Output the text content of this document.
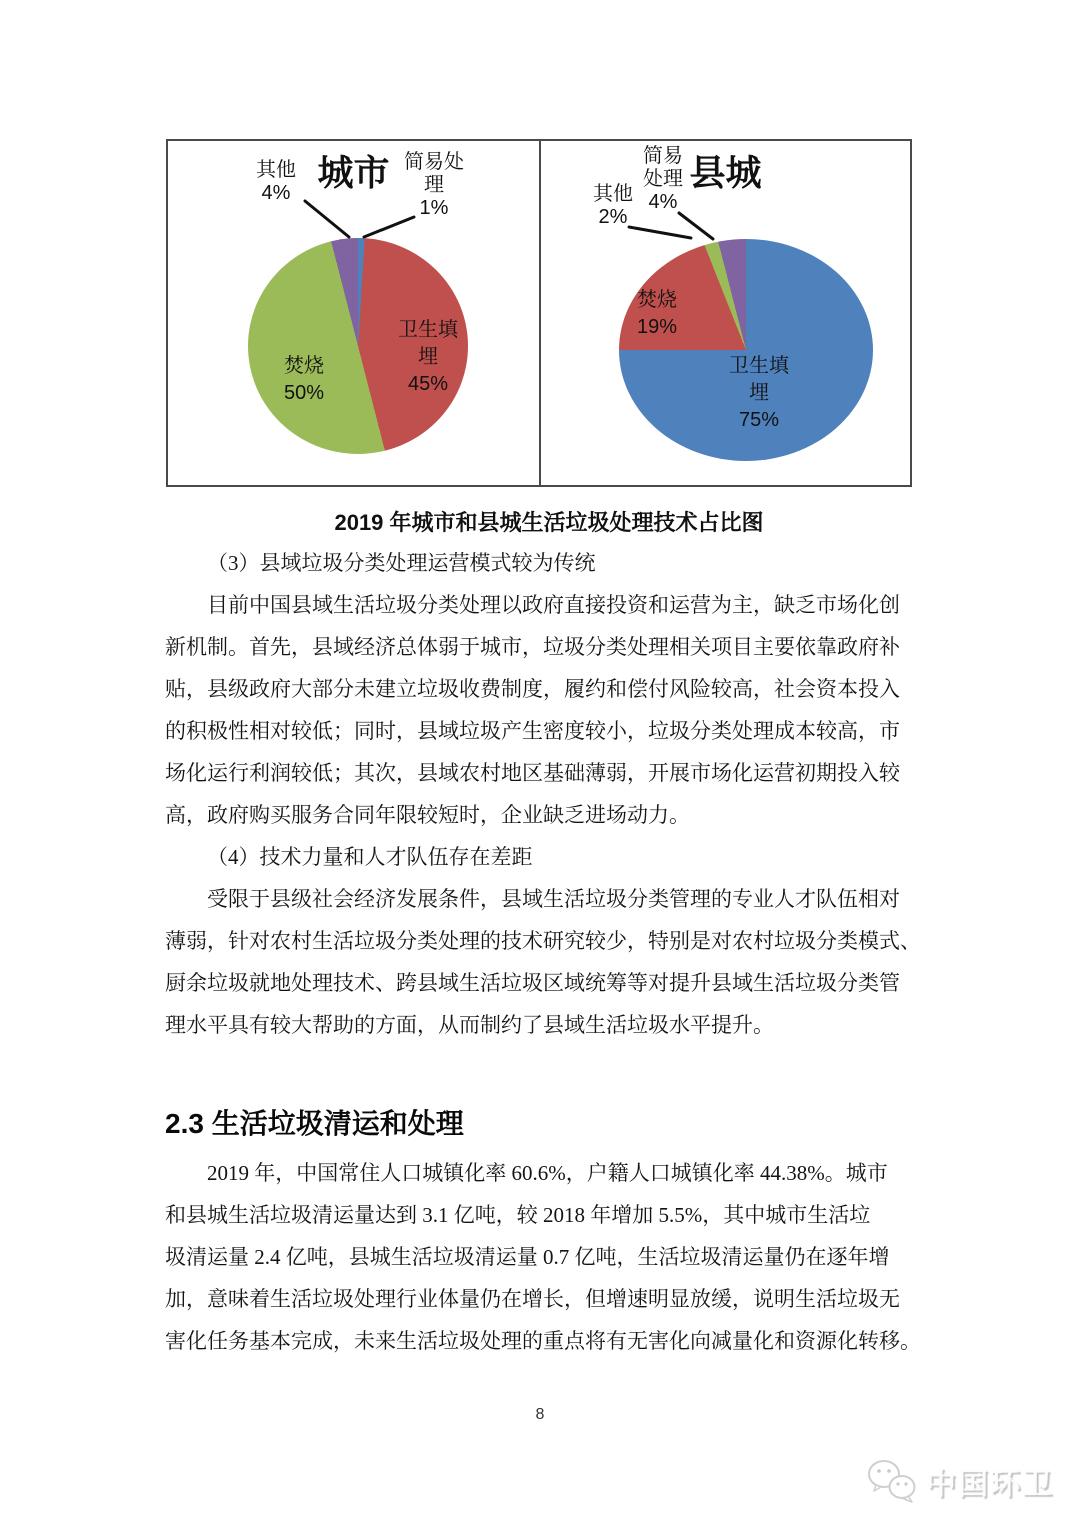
城市
其他
4%
简易处
理
1%
卫生填
埋
45%
焚烧
50%
县城
简易
处理
4%
其他
2%
焚烧
19%
卫生填
埋
75%
2019 年城市和县城生活垃圾处理技术占比图
（3）县域垃圾分类处理运营模式较为传统
目前中国县域生活垃圾分类处理以政府直接投资和运营为主，缺乏市场化创
新机制。首先，县域经济总体弱于城市，垃圾分类处理相关项目主要依靠政府补
贴，县级政府大部分未建立垃圾收费制度，履约和偿付风险较高，社会资本投入
的积极性相对较低；同时，县域垃圾产生密度较小，垃圾分类处理成本较高，市
场化运行利润较低；其次，县域农村地区基础薄弱，开展市场化运营初期投入较
高，政府购买服务合同年限较短时，企业缺乏进场动力。
（4）技术力量和人才队伍存在差距
受限于县级社会经济发展条件，县域生活垃圾分类管理的专业人才队伍相对
薄弱，针对农村生活垃圾分类处理的技术研究较少，特别是对农村垃圾分类模式、
厨余垃圾就地处理技术、跨县域生活垃圾区域统筹等对提升县域生活垃圾分类管
理水平具有较大帮助的方面，从而制约了县域生活垃圾水平提升。
2.3 生活垃圾清运和处理
2019 年，中国常住人口城镇化率 60.6%，户籍人口城镇化率 44.38%。城市
和县城生活垃圾清运量达到 3.1 亿吨，较 2018 年增加 5.5%，其中城市生活垃
圾清运量 2.4 亿吨，县城生活垃圾清运量 0.7 亿吨，生活垃圾清运量仍在逐年增
加，意味着生活垃圾处理行业体量仍在增长，但增速明显放缓，说明生活垃圾无
害化任务基本完成，未来生活垃圾处理的重点将有无害化向减量化和资源化转移。
8
中国环卫
